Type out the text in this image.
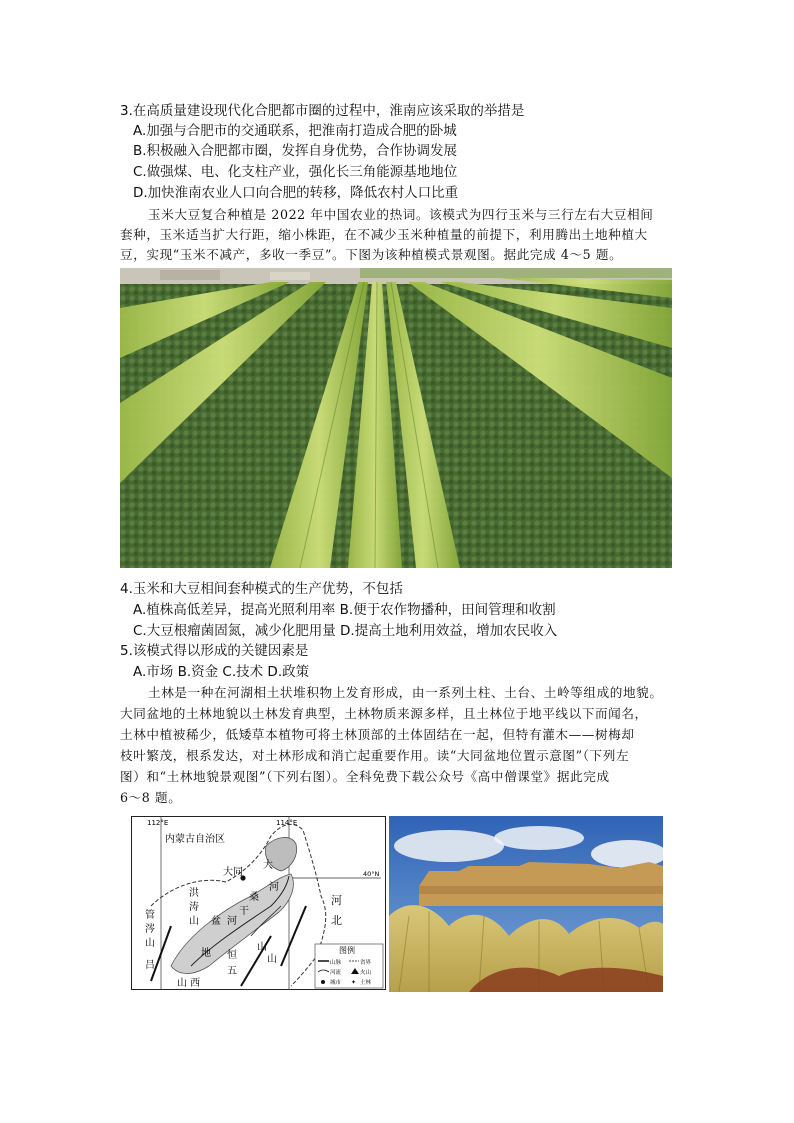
3.在高质量建设现代化合肥都市圈的过程中，淮南应该采取的举措是
A.加强与合肥市的交通联系，把淮南打造成合肥的卧城
B.积极融入合肥都市圈，发挥自身优势，合作协调发展
C.做强煤、电、化支柱产业，强化长三角能源基地地位
D.加快淮南农业人口向合肥的转移，降低农村人口比重
玉米大豆复合种植是 2022 年中国农业的热词。该模式为四行玉米与三行左右大豆相间
套种，玉米适当扩大行距，缩小株距，在不减少玉米种植量的前提下，利用腾出土地种植大
豆，实现“玉米不减产，多收一季豆”。下图为该种植模式景观图。据此完成 4～5 题。
4.玉米和大豆相间套种模式的生产优势，不包括
A.植株高低差异，提高光照利用率 B.便于农作物播种，田间管理和收割
C.大豆根瘤菌固氮，减少化肥用量 D.提高土地利用效益，增加农民收入
5.该模式得以形成的关键因素是
A.市场 B.资金 C.技术 D.政策
土林是一种在河湖相土状堆积物上发育形成，由一系列土柱、土台、土岭等组成的地貌。
大同盆地的土林地貌以土林发育典型，土林物质来源多样，且土林位于地平线以下而闻名，
土林中植被稀少，低矮草本植物可将土林顶部的土体固结在一起，但特有灌木——树梅却
枝叶繁茂，根系发达，对土林形成和消亡起重要作用。读“大同盆地位置示意图”（下列左
图）和“土林地貌景观图”（下列右图）。全科免费下载公众号《高中僧课堂》据此完成
6～8 题。
112°E	114°E
40°N
内蒙古自治区
大同
大
河
桑
干
河
洪
涛
山 盆
地
管
涔
山
恒
五
山
山
吕
河
北
山 西
图例
山脉	省界
河流	火山
城市 ✦ 土林
